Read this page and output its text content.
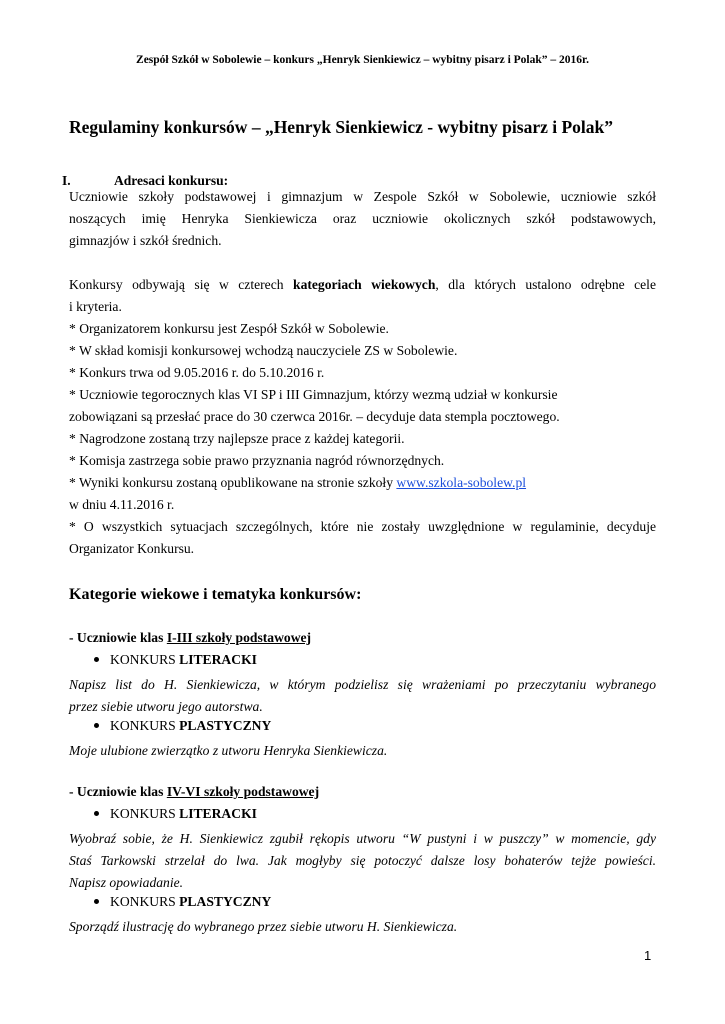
Zespół Szkół w Sobolewie – konkurs „Henryk Sienkiewicz – wybitny pisarz i Polak” – 2016r.
Regulaminy konkursów – „Henryk Sienkiewicz - wybitny pisarz i Polak”
I.	Adresaci konkursu:
Uczniowie szkoły podstawowej i gimnazjum w Zespole Szkół w Sobolewie, uczniowie szkół
noszących imię Henryka Sienkiewicza oraz uczniowie okolicznych szkół podstawowych,
gimnazjów i szkół średnich.
Konkursy odbywają się w czterech kategoriach wiekowych, dla których ustalono odrębne cele
i kryteria.
* Organizatorem konkursu jest Zespół Szkół w Sobolewie.
* W skład komisji konkursowej wchodzą nauczyciele ZS w Sobolewie.
* Konkurs trwa od 9.05.2016 r. do 5.10.2016 r.
* Uczniowie tegorocznych klas VI SP i III Gimnazjum, którzy wezmą udział w konkursie
zobowiązani są przesłać prace do 30 czerwca 2016r. – decyduje data stempla pocztowego.
* Nagrodzone zostaną trzy najlepsze prace z każdej kategorii.
* Komisja zastrzega sobie prawo przyznania nagród równorzędnych.
* Wyniki konkursu zostaną opublikowane na stronie szkoły www.szkola-sobolew.pl
w dniu 4.11.2016 r.
* O wszystkich sytuacjach szczególnych, które nie zostały uwzględnione w regulaminie, decyduje
Organizator Konkursu.
Kategorie wiekowe i tematyka konkursów:
- Uczniowie klas I-III szkoły podstawowej
KONKURS LITERACKI
Napisz list do H. Sienkiewicza, w którym podzielisz się wrażeniami po przeczytaniu wybranego
przez siebie utworu jego autorstwa.
KONKURS PLASTYCZNY
Moje ulubione zwierzątko z utworu Henryka Sienkiewicza.
- Uczniowie klas IV-VI szkoły podstawowej
KONKURS LITERACKI
Wyobraź sobie, że H. Sienkiewicz zgubił rękopis utworu “W pustyni i w puszczy” w momencie, gdy
Staś Tarkowski strzelał do lwa. Jak mogłyby się potoczyć dalsze losy bohaterów tejże powieści.
Napisz opowiadanie.
KONKURS PLASTYCZNY
Sporządź ilustrację do wybranego przez siebie utworu H. Sienkiewicza.
1
